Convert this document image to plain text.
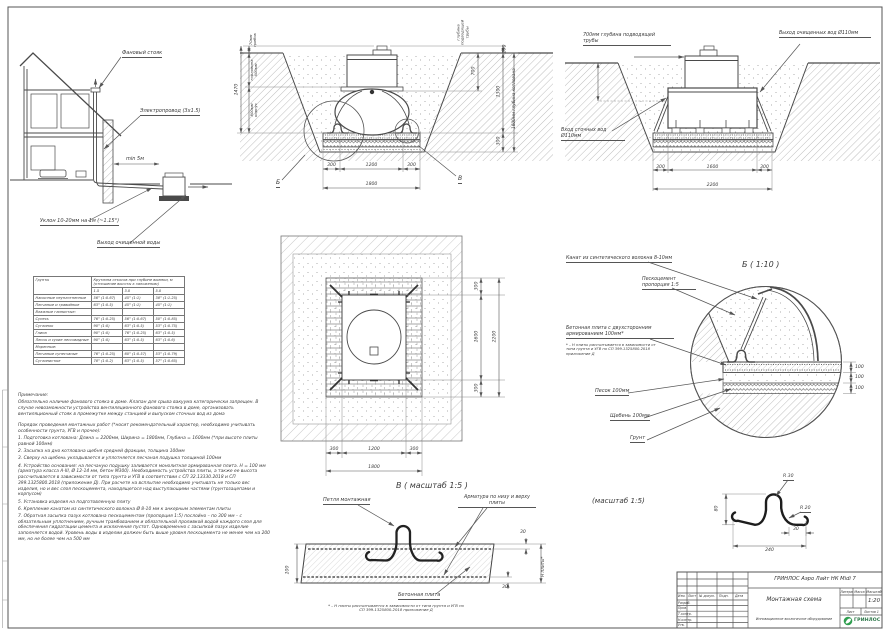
Фановый стояк
Электропровод (3х1.5)
min 5м
Уклон 10-20мм на 1м (~1.15°)
Выход очищенной воды
70мм грибок
горловина 600мм
800мм корпус
1470
глубина подводящей трубы
100
700
1300
300
1600мм глубина котлована
300	1200	300
1800
Б
В
700мм глубина подводящей трубы
Выход очищенных вод Ø110мм
Вход сточных вод Ø110мм
300	1600	300
2200
300
1600
300
2200
300	1200	300
1800
Грунты	Крутизна откосов при глубине выемки, м (отношение высоты к заложению)		
	1.5	3.0	5.0
Насыпные неуплотненные	56° (1:0.67)	45° (1:1)	38° (1:1.25)
Песчаные и гравийные	63° (1:0.5)	45° (1:1)	45° (1:1)
Влажные глинистые:			
Супесь	76° (1:0.25)	56° (1:0.67)	50° (1:0.85)
Суглинок	90° (1:0)	63° (1:0.5)	53° (1:0.75)
Глина	90° (1:0)	76° (1:0.25)	63° (1:0.5)
Лессы и сухие лессовидные	90° (1:0)	63° (1:0.5)	63° (1:0.6)
Моренные:			
Песчаные супесчаные	76° (1:0.25)	60° (1:0.57)	53° (1:0.79)
Суглинистые	78° (1:0.2)	63° (1:0.5)	57° (1:0.65)
Примечание:
Обязательно наличие фанового стояка в доме. Клапан для срыва вакуума категорически запрещен. В случае невозможности устройства вентиляционного фанового стояка в доме, организовать вентиляционный стояк в промежутке между станцией и выпуском сточных вод из дома
Порядок проведения монтажных работ (*носит рекомендательный характер, необходимо учитывать особенности грунта, УГВ и прочее):
1. Подготовка котлована: Длина = 2200мм, Ширина = 1800мм, Глубина = 1600мм (*при высоте плиты равной 100мм)
2. Засыпка на дно котлована щебня средней фракции, толщина 100мм
3. Сверху на щебень укладывается и уплотняется песчаная подушка толщиной 100мм
4. Устройство основания: на песчаную подушку заливается монолитная армированная плита. Н = 100 мм (арматура класса А-III, Ø 12-14 мм, бетон М300). Необходимость устройства плиты, а также ее высота рассчитывается в зависимости от типа грунта и УГВ в соответствии с СП 32.13330.2018 и СП 399.1325800.2018 (приложение Д). При расчете на всплытие необходимо учитывать не только вес изделия, но и вес слоя пескоцемента, находящегося над выступающими частями (грунтозацепами и корпусом)
5. Установка изделия на подготовленную плиту
6. Крепление канатом из синтетического волокна Ø 8-10 мм к анкерным элементам плиты
7. Обратная засыпка пазух котлована пескоцементом (пропорция 1:5) послойно – по 300 мм – с обязательным уплотнением, ручным трамбованием и обязательной проливкой водой каждого слоя для обеспечения гидратации цемента и исключения пустот. Одновременно с засыпкой пазух изделие заполняется водой. Уровень воды в изделии должен быть выше уровня пескоцемента не менее чем на 200 мм, но не более чем на 500 мм
Б ( 1:10 )
Канат из синтетического волокна 8-10мм
Пескоцемент пропорция 1:5
Бетонная плита с двухсторонним армированием 100мм*
* – Н плиты рассчитывается в зависимости от типа грунта и УГВ по СП 399.1325800.2018 приложение Д
Песок 100мм
Щебень 100мм
Грунт
100
100
100
В ( масштаб 1:5 )
Петля монтажная	Арматура по низу и верху плиты
Бетонная плита
* – Н плиты рассчитывается в зависимости от типа грунта и УГВ по СП 399.1325800.2018 приложение Д
100
30
30
Н плиты*
(масштаб 1:5)
R 30
R 20
30
240
80
ГРИНЛОС Аэро Лайт НК Midi 7
Монтажная схема
Литера Масса Масштаб
1:20
Лист	Листов 1
Инновационное экологичное оборудование	ГРИНЛОС
Изм. Лист № докум. Подп. Дата
Разраб.
Пров.
Т.контр.
Н.контр.
Утв.
